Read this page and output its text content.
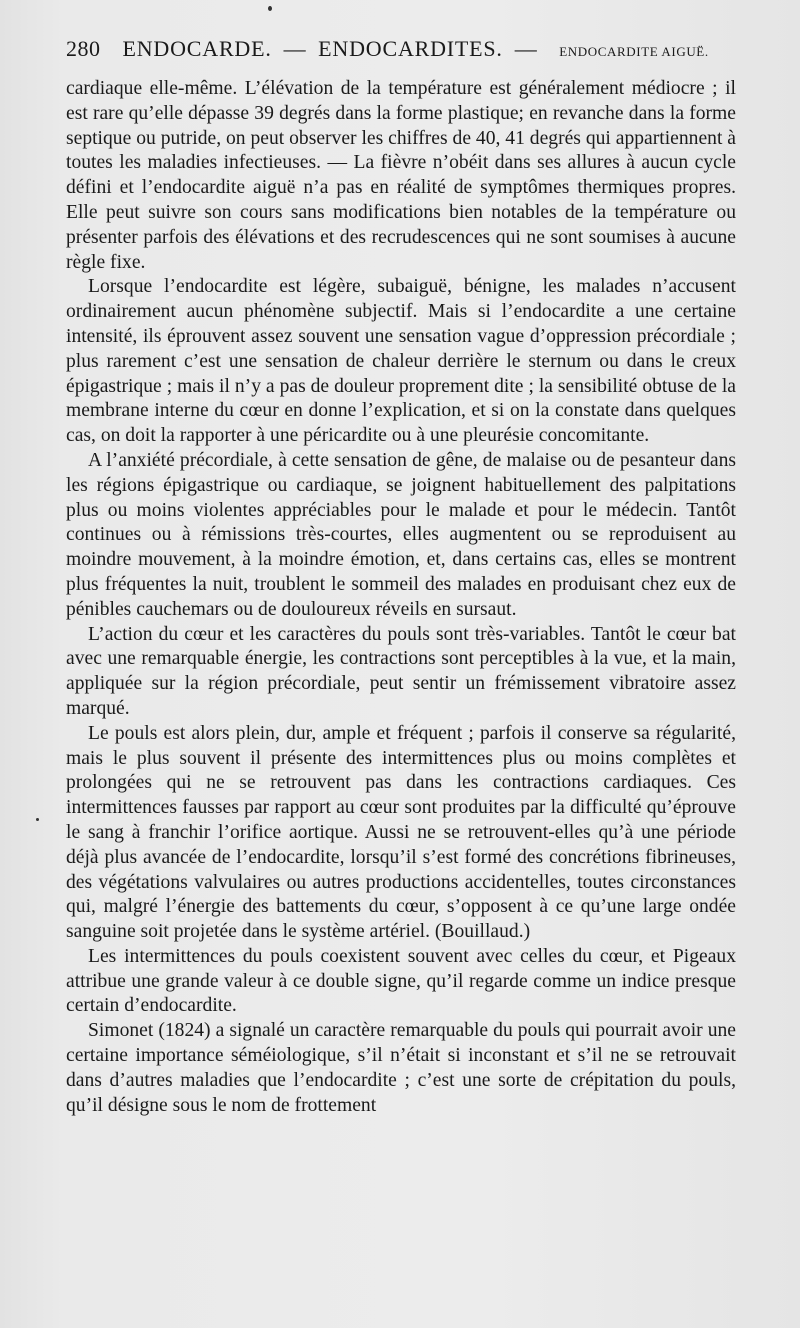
280 ENDOCARDE. — ENDOCARDITES. — ENDOCARDITE AIGUË.

cardiaque elle-même. L’élévation de la température est généralement médiocre ; il est rare qu’elle dépasse 39 degrés dans la forme plastique; en revanche dans la forme septique ou putride, on peut observer les chiffres de 40, 41 degrés qui appartiennent à toutes les maladies infectieuses. — La fièvre n’obéit dans ses allures à aucun cycle défini et l’endocardite aiguë n’a pas en réalité de symptômes thermiques propres. Elle peut suivre son cours sans modifications bien notables de la température ou présenter parfois des élévations et des recrudescences qui ne sont soumises à aucune règle fixe.

Lorsque l’endocardite est légère, subaiguë, bénigne, les malades n’accusent ordinairement aucun phénomène subjectif. Mais si l’endocardite a une certaine intensité, ils éprouvent assez souvent une sensation vague d’oppression précordiale ; plus rarement c’est une sensation de chaleur derrière le sternum ou dans le creux épigastrique ; mais il n’y a pas de douleur proprement dite ; la sensibilité obtuse de la membrane interne du cœur en donne l’explication, et si on la constate dans quelques cas, on doit la rapporter à une péricardite ou à une pleurésie concomitante.

A l’anxiété précordiale, à cette sensation de gêne, de malaise ou de pesanteur dans les régions épigastrique ou cardiaque, se joignent habituellement des palpitations plus ou moins violentes appréciables pour le malade et pour le médecin. Tantôt continues ou à rémissions très-courtes, elles augmentent ou se reproduisent au moindre mouvement, à la moindre émotion, et, dans certains cas, elles se montrent plus fréquentes la nuit, troublent le sommeil des malades en produisant chez eux de pénibles cauchemars ou de douloureux réveils en sursaut.

L’action du cœur et les caractères du pouls sont très-variables. Tantôt le cœur bat avec une remarquable énergie, les contractions sont perceptibles à la vue, et la main, appliquée sur la région précordiale, peut sentir un frémissement vibratoire assez marqué.

Le pouls est alors plein, dur, ample et fréquent ; parfois il conserve sa régularité, mais le plus souvent il présente des intermittences plus ou moins complètes et prolongées qui ne se retrouvent pas dans les contractions cardiaques. Ces intermittences fausses par rapport au cœur sont produites par la difficulté qu’éprouve le sang à franchir l’orifice aortique. Aussi ne se retrouvent-elles qu’à une période déjà plus avancée de l’endocardite, lorsqu’il s’est formé des concrétions fibrineuses, des végétations valvulaires ou autres productions accidentelles, toutes circonstances qui, malgré l’énergie des battements du cœur, s’opposent à ce qu’une large ondée sanguine soit projetée dans le système artériel. (Bouillaud.)

Les intermittences du pouls coexistent souvent avec celles du cœur, et Pigeaux attribue une grande valeur à ce double signe, qu’il regarde comme un indice presque certain d’endocardite.

Simonet (1824) a signalé un caractère remarquable du pouls qui pourrait avoir une certaine importance séméiologique, s’il n’était si inconstant et s’il ne se retrouvait dans d’autres maladies que l’endocardite ; c’est une sorte de crépitation du pouls, qu’il désigne sous le nom de frottement
